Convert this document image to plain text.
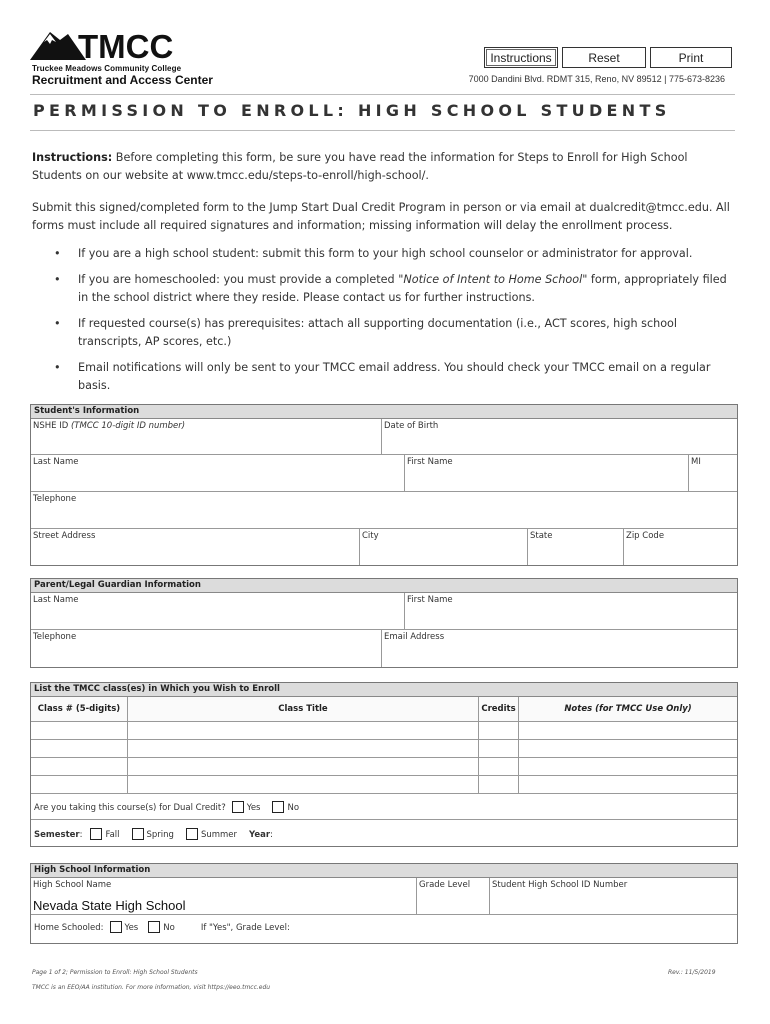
TMCC
Truckee Meadows Community College
Recruitment and Access Center
Instructions	Reset	Print
7000 Dandini Blvd. RDMT 315, Reno, NV 89512 | 775-673-8236
PERMISSION TO ENROLL: HIGH SCHOOL STUDENTS

Instructions: Before completing this form, be sure you have read the information for Steps to Enroll for High School Students on our website at www.tmcc.edu/steps-to-enroll/high-school/.

Submit this signed/completed form to the Jump Start Dual Credit Program in person or via email at dualcredit@tmcc.edu. All forms must include all required signatures and information; missing information will delay the enrollment process.

• If you are a high school student: submit this form to your high school counselor or administrator for approval.
• If you are homeschooled: you must provide a completed "Notice of Intent to Home School" form, appropriately filed in the school district where they reside. Please contact us for further instructions.
• If requested course(s) has prerequisites: attach all supporting documentation (i.e., ACT scores, high school transcripts, AP scores, etc.)
• Email notifications will only be sent to your TMCC email address. You should check your TMCC email on a regular basis.
Student's Information
NSHE ID (TMCC 10-digit ID number)	Date of Birth
Last Name	First Name	MI
Telephone
Street Address	City	State	Zip Code
Parent/Legal Guardian Information
Last Name	First Name
Telephone	Email Address
List the TMCC class(es) in Which you Wish to Enroll
Class # (5-digits)	Class Title	Credits	Notes (for TMCC Use Only)
Are you taking this course(s) for Dual Credit? Yes	No
Semester :	Fall	Spring	Summer Year :
High School Information
High School Name
Nevada State High School
Grade Level	Student High School ID Number
Home Schooled: Yes	No	If "Yes", Grade Level:
Page 1 of 2; Permission to Enroll: High School Students
TMCC is an EEO/AA institution. For more information, visit https://eeo.tmcc.edu
Rev.: 11/5/2019
